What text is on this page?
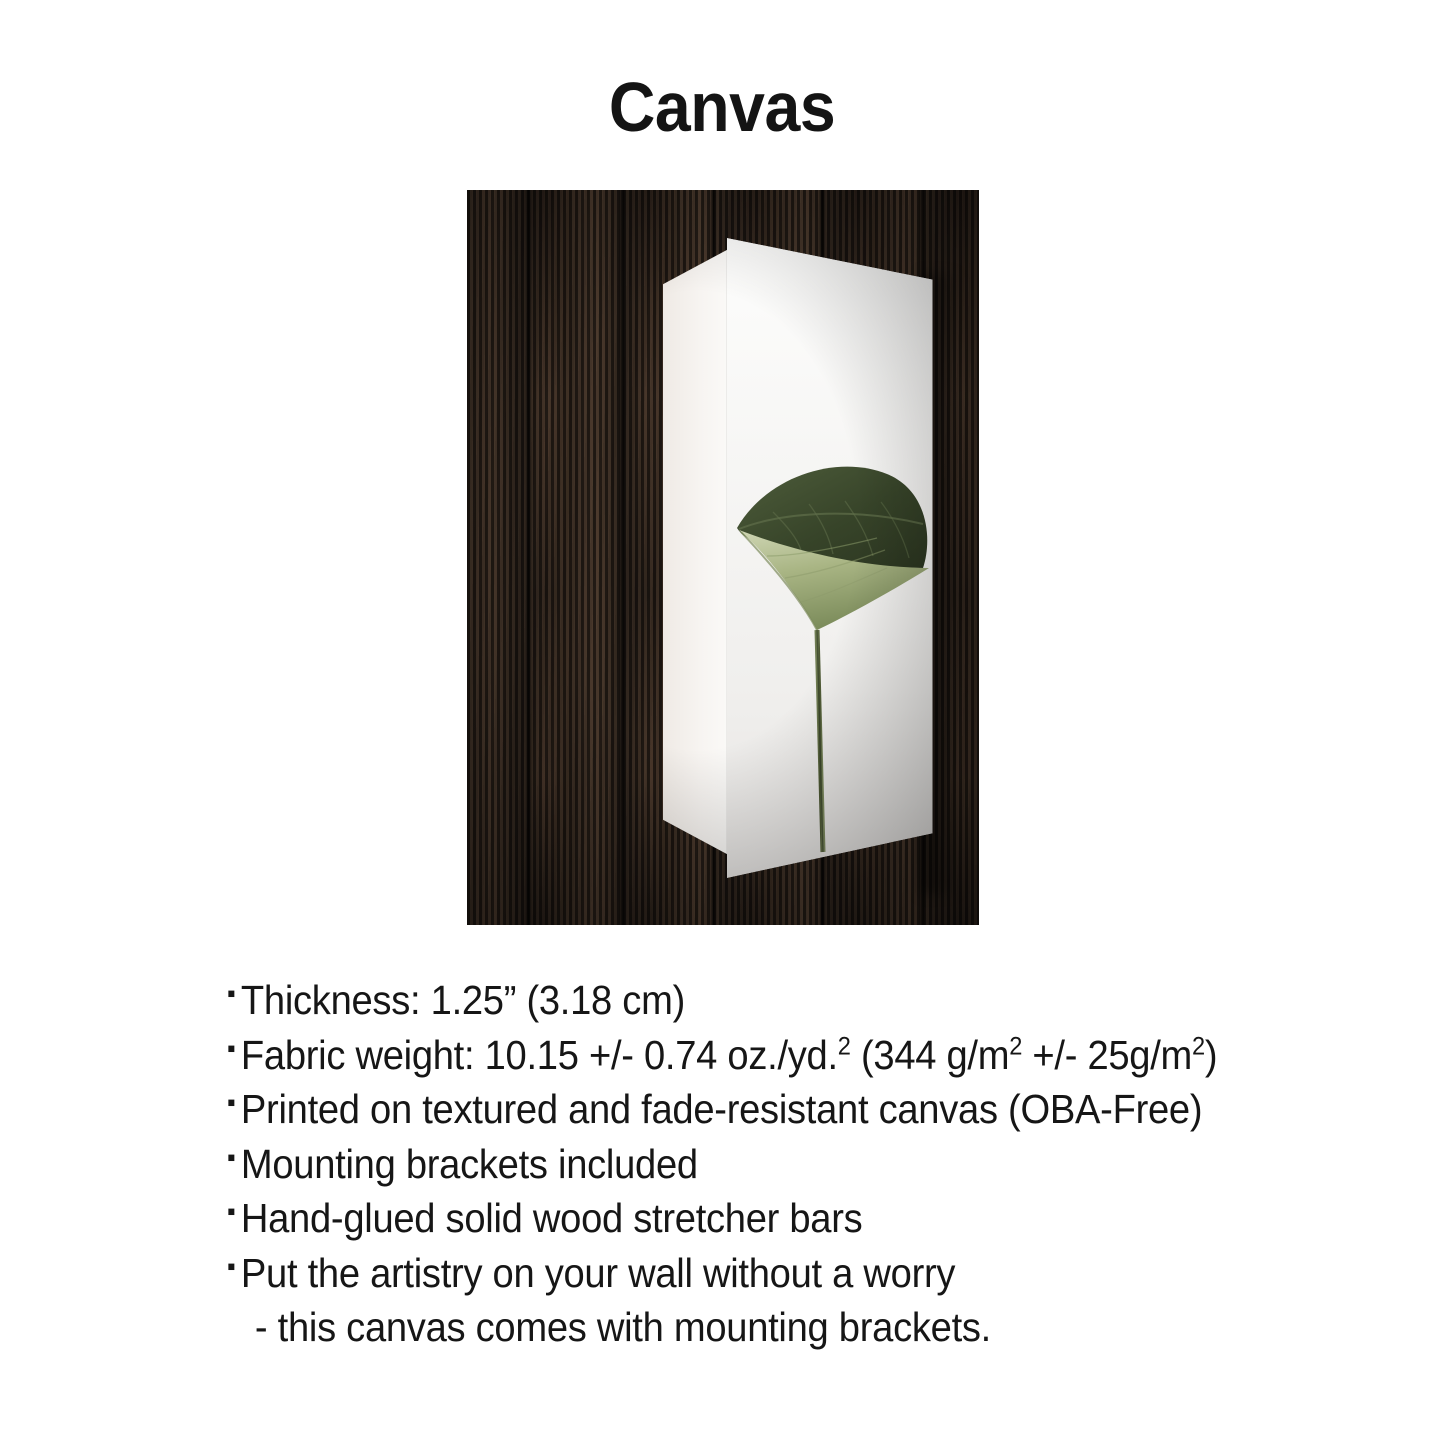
Canvas
▪ Thickness: 1.25” (3.18 cm)
▪ Fabric weight: 10.15 +/- 0.74 oz./yd.$^2$ (344 $g/m^2$ +/- $25g/m^2$)
▪ Printed on textured and fade-resistant canvas (OBA-Free)
▪ Mounting brackets included
▪ Hand-glued solid wood stretcher bars
▪ Put the artistry on your wall without a worry
- this canvas comes with mounting brackets.
